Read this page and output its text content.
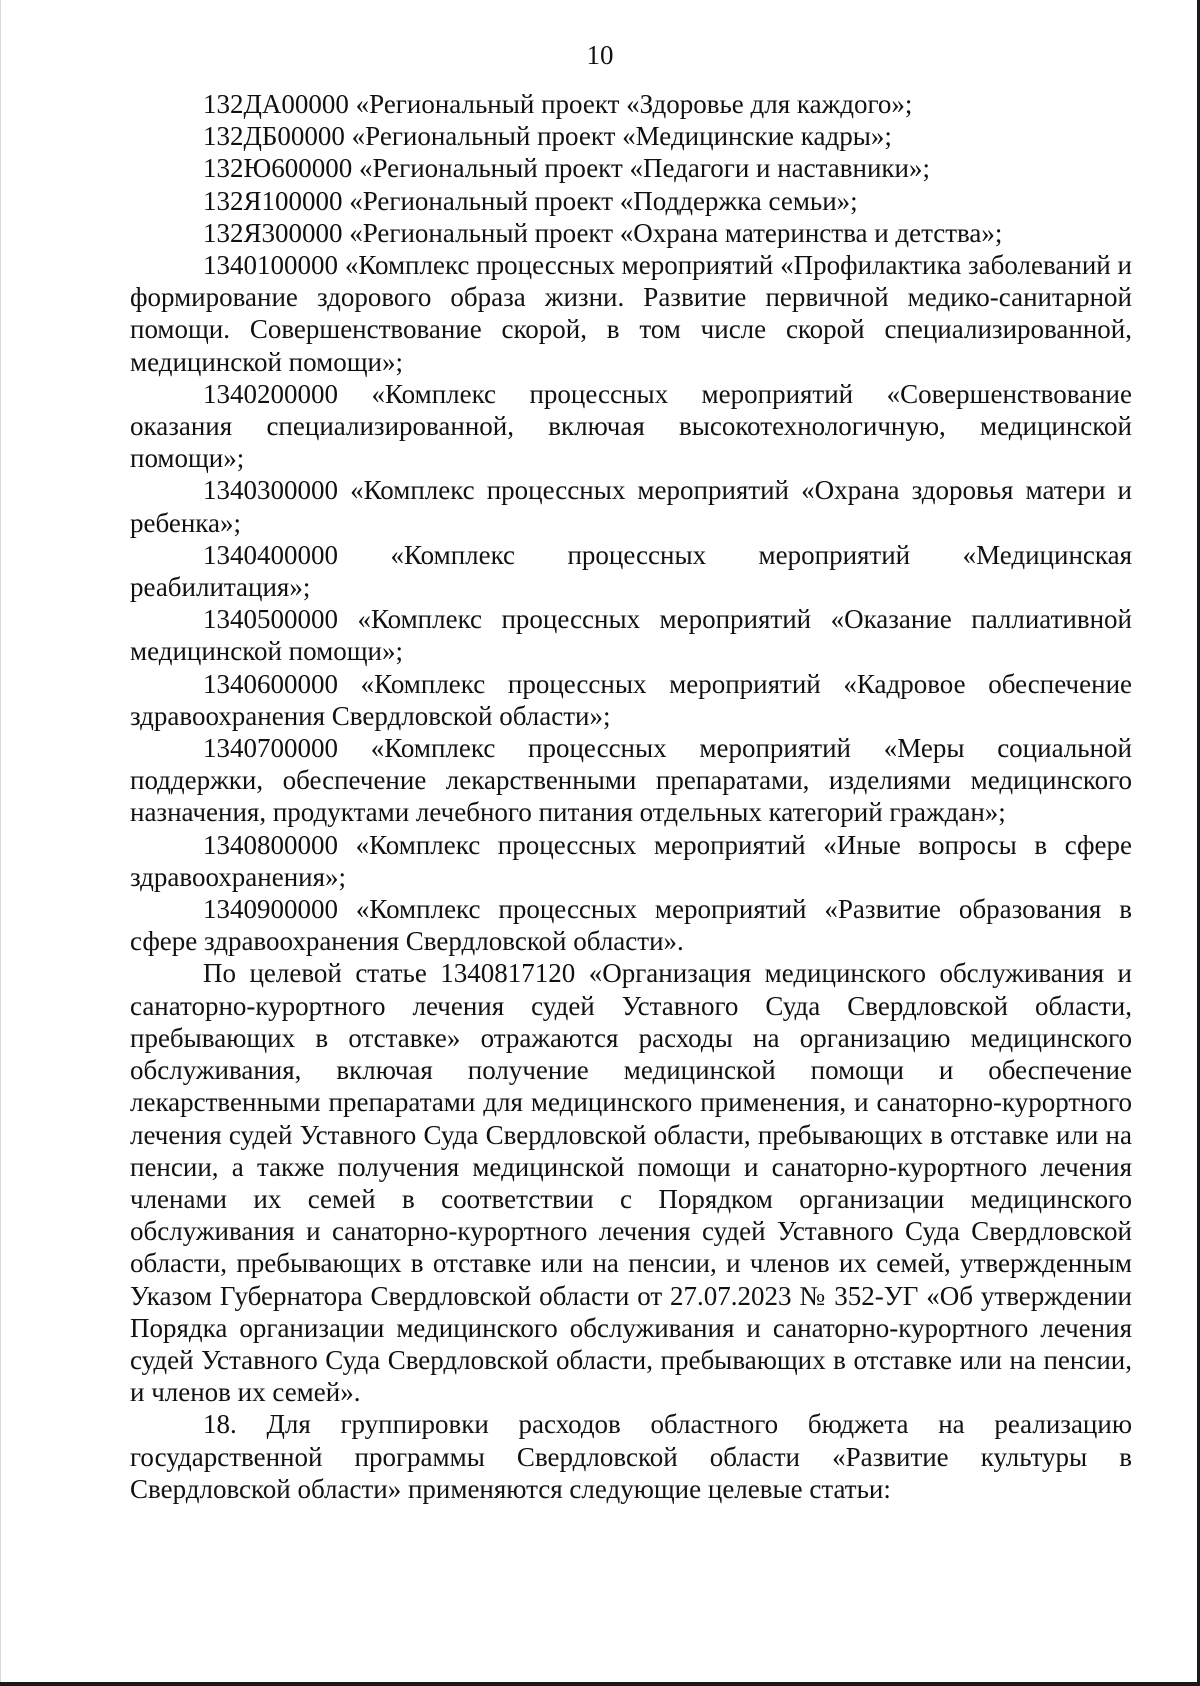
10

132ДА00000 «Региональный проект «Здоровье для каждого»;

132ДБ00000 «Региональный проект «Медицинские кадры»;

132Ю600000 «Региональный проект «Педагоги и наставники»;

132Я100000 «Региональный проект «Поддержка семьи»;

132Я300000 «Региональный проект «Охрана материнства и детства»;

1340100000 «Комплекс процессных мероприятий «Профилактика заболеваний и формирование здорового образа жизни. Развитие первичной медико-санитарной помощи. Совершенствование скорой, в том числе скорой специализированной, медицинской помощи»;

1340200000 «Комплекс процессных мероприятий «Совершенствование оказания специализированной, включая высокотехнологичную, медицинской помощи»;

1340300000 «Комплекс процессных мероприятий «Охрана здоровья матери и ребенка»;

1340400000 «Комплекс процессных мероприятий «Медицинская реабилитация»;

1340500000 «Комплекс процессных мероприятий «Оказание паллиативной медицинской помощи»;

1340600000 «Комплекс процессных мероприятий «Кадровое обеспечение здравоохранения Свердловской области»;

1340700000 «Комплекс процессных мероприятий «Меры социальной поддержки, обеспечение лекарственными препаратами, изделиями медицинского назначения, продуктами лечебного питания отдельных категорий граждан»;

1340800000 «Комплекс процессных мероприятий «Иные вопросы в сфере здравоохранения»;

1340900000 «Комплекс процессных мероприятий «Развитие образования в сфере здравоохранения Свердловской области».

По целевой статье 1340817120 «Организация медицинского обслуживания и санаторно-курортного лечения судей Уставного Суда Свердловской области, пребывающих в отставке» отражаются расходы на организацию медицинского обслуживания, включая получение медицинской помощи и обеспечение лекарственными препаратами для медицинского применения, и санаторно-курортного лечения судей Уставного Суда Свердловской области, пребывающих в отставке или на пенсии, а также получения медицинской помощи и санаторно-курортного лечения членами их семей в соответствии с Порядком организации медицинского обслуживания и санаторно-курортного лечения судей Уставного Суда Свердловской области, пребывающих в отставке или на пенсии, и членов их семей, утвержденным Указом Губернатора Свердловской области от 27.07.2023 № 352-УГ «Об утверждении Порядка организации медицинского обслуживания и санаторно-курортного лечения судей Уставного Суда Свердловской области, пребывающих в отставке или на пенсии, и членов их семей».

18. Для группировки расходов областного бюджета на реализацию государственной программы Свердловской области «Развитие культуры в Свердловской области» применяются следующие целевые статьи:
